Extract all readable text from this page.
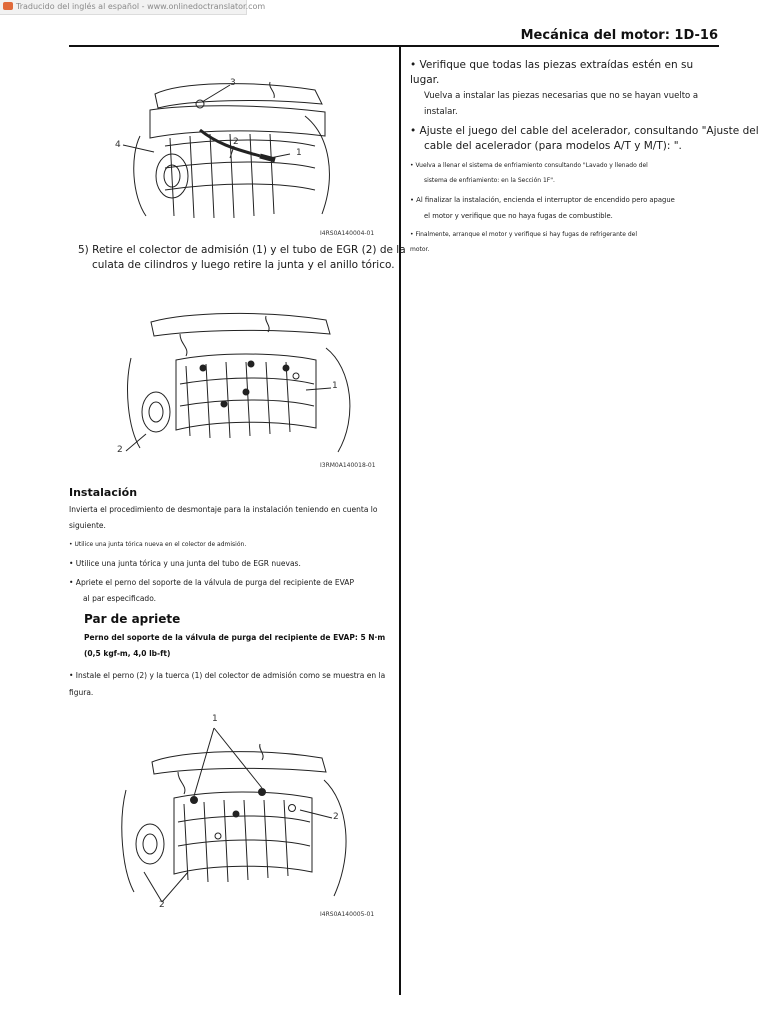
Traducido del inglés al español - www.onlinedoctranslator.com
Mecánica del motor: 1D-16
3
4	2
1
I4RS0A140004-01
5) Retire el colector de admisión (1) y el tubo de EGR (2) de la
culata de cilindros y luego retire la junta y el anillo tórico.
1
2
I3RM0A140018-01
Instalación
Invierta el procedimiento de desmontaje para la instalación teniendo en cuenta lo
siguiente.
• Utilice una junta tórica nueva en el colector de admisión.
• Utilice una junta tórica y una junta del tubo de EGR nuevas.
• Apriete el perno del soporte de la válvula de purga del recipiente de EVAP
al par especificado.
Par de apriete
Perno del soporte de la válvula de purga del recipiente de EVAP: 5 N·m
(0,5 kgf-m, 4,0 lb-ft)
• Instale el perno (2) y la tuerca (1) del colector de admisión como se muestra en la
figura.
1
2
2
I4RS0A140005-01
• Verifique que todas las piezas extraídas estén en su
lugar.
Vuelva a instalar las piezas necesarias que no se hayan vuelto a
instalar.
• Ajuste el juego del cable del acelerador, consultando "Ajuste del
cable del acelerador (para modelos A/T y M/T): ".
• Vuelva a llenar el sistema de enfriamiento consultando "Lavado y llenado del
sistema de enfriamiento: en la Sección 1F".
• Al finalizar la instalación, encienda el interruptor de encendido pero apague
el motor y verifique que no haya fugas de combustible.
• Finalmente, arranque el motor y verifique si hay fugas de refrigerante del
motor.
